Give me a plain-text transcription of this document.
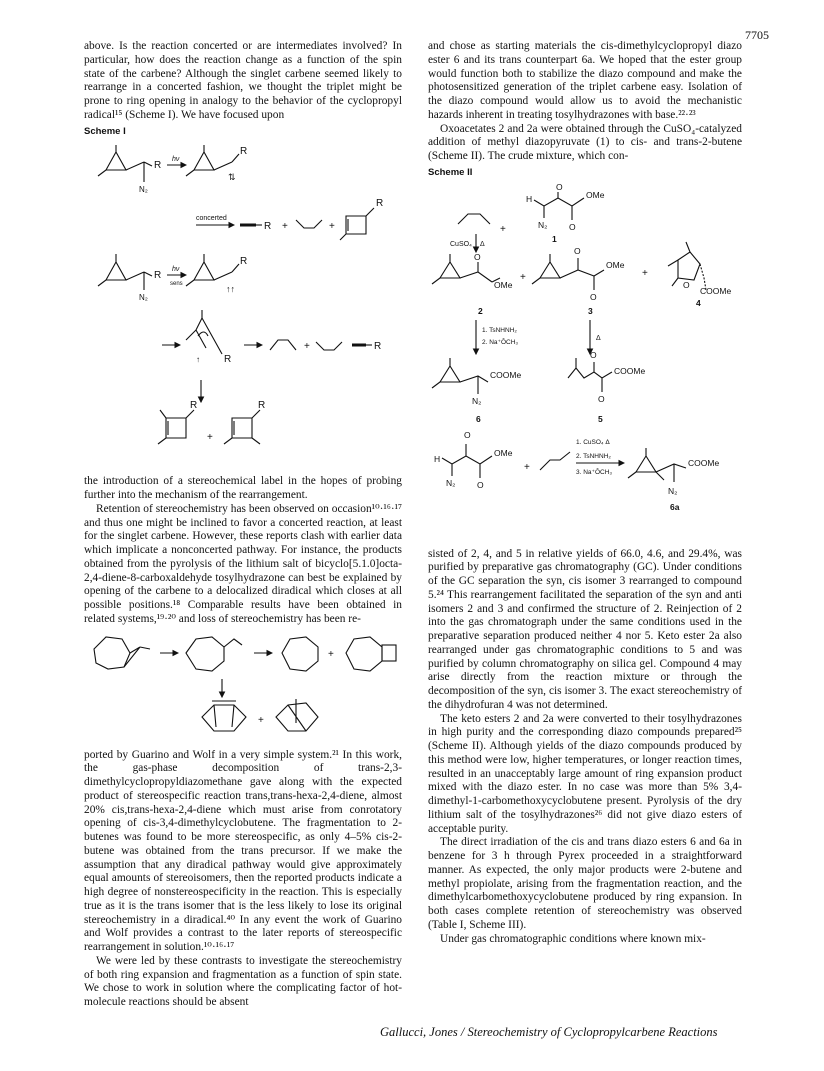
7705

above. Is the reaction concerted or are intermediates involved? In particular, how does the reaction change as a function of the spin state of the carbene? Although the singlet carbene seemed likely to rearrange in a concerted fashion, we thought the triplet might be prone to ring opening in analogy to the behavior of the cyclopropyl radical¹⁵ (Scheme I). We have focused upon

Scheme I
R
N₂
hν
R
⇅
concerted
R +	+
R
R
N₂
hν
sens
R
↑↑
↑ R
+	R
R
+
R

the introduction of a stereochemical label in the hopes of probing further into the mechanism of the rearrangement.

Retention of stereochemistry has been observed on occasion¹⁰·¹⁶·¹⁷ and thus one might be inclined to favor a concerted reaction, at least for the singlet carbene. However, these reports clash with earlier data which implicate a nonconcerted pathway. For instance, the products obtained from the pyrolysis of the lithium salt of bicyclo[5.1.0]octa-2,4-diene-8-carboxaldehyde tosylhydrazone can best be explained by opening of the carbene to a delocalized diradical which closes at all possible positions.¹⁸ Comparable results have been obtained in related systems,¹⁹·²⁰ and loss of stereochemistry has been re-

+
+

ported by Guarino and Wolf in a very simple system.²¹ In this work, the gas-phase decomposition of trans-2,3-dimethylcyclopropyldiazomethane gave along with the expected product of stereospecific reaction trans,trans-hexa-2,4-diene, almost 20% cis,trans-hexa-2,4-diene which must arise from conrotatory opening of cis-3,4-dimethylcyclobutene. The fragmentation to 2-butenes was found to be more stereospecific, as only 4–5% cis-2-butene was obtained from the trans precursor. If we make the assumption that any diradical pathway would give approximately equal amounts of stereoisomers, then the reported products indicate a high degree of nonstereospecificity in the reaction. This is especially true as it is the trans isomer that is the less likely to lose its original stereochemistry in a diradical.⁴⁰ In any event the work of Guarino and Wolf provides a contrast to the later reports of stereospecific rearrangement in solution.¹⁰·¹⁶·¹⁷

We were led by these contrasts to investigate the stereochemistry of both ring expansion and fragmentation as a function of spin state. We chose to work in solution where the complicating factor of hot-molecule reactions should be absent

and chose as starting materials the cis-dimethylcyclopropyl diazo ester 6 and its trans counterpart 6a. We hoped that the ester group would function both to stabilize the diazo compound and make the photosensitized generation of the triplet carbene easy. Isolation of the diazo compound would allow us to avoid the mechanistic hazards inherent in treating tosylhydrazones with base.²²·²³

Oxoacetates 2 and 2a were obtained through the CuSO₄-catalyzed addition of methyl diazopyruvate (1) to cis- and trans-2-butene (Scheme II). The crude mixture, which con-

Scheme II
+
H
O
OMe
N₂	O
1
CuSO₄ Δ
O
OMe
2
+
O
OMe
O
3
+
O
COOMe
4
1. TsNHNH₂
2. Na⁺ŌCH₃
Δ
COOMe
N₂
6
O
COOMe
O
5
H
O
OMe
N₂	O
+
1. CuSO₄ Δ
2. TsNHNH₂
3. Na⁺ŌCH₃
COOMe
N₂
6a

sisted of 2, 4, and 5 in relative yields of 66.0, 4.6, and 29.4%, was purified by preparative gas chromatography (GC). Under conditions of the GC separation the syn, cis isomer 3 rearranged to compound 5.²⁴ This rearrangement facilitated the separation of the syn and anti isomers 2 and 3 and confirmed the structure of 2. Reinjection of 2 into the gas chromatograph under the same conditions used in the preparative separation produced neither 4 nor 5. Keto ester 2a also rearranged under gas chromatographic conditions to 5 and was purified by column chromatography on silica gel. Compound 4 may arise directly from the reaction mixture or through the decomposition of the syn, cis isomer 3. The exact stereochemistry of the dihydrofuran 4 was not determined.

The keto esters 2 and 2a were converted to their tosylhydrazones in high purity and the corresponding diazo compounds prepared²⁵ (Scheme II). Although yields of the diazo compounds produced by this method were low, higher temperatures, or longer reaction times, resulted in an unacceptably large amount of ring expansion product mixed with the diazo ester. In no case was more than 5% 3,4-dimethyl-1-carbomethoxycyclobutene present. Pyrolysis of the dry lithium salt of the tosylhydrazones²⁶ did not give diazo esters of acceptable purity.

The direct irradiation of the cis and trans diazo esters 6 and 6a in benzene for 3 h through Pyrex proceeded in a straightforward manner. As expected, the only major products were 2-butene and methyl propiolate, arising from the fragmentation reaction, and the dimethylcarbomethoxycyclobutene produced by ring expansion. In both cases complete retention of stereochemistry was observed (Table I, Scheme III).

Under gas chromatographic conditions where known mix-

Gallucci, Jones / Stereochemistry of Cyclopropylcarbene Reactions
